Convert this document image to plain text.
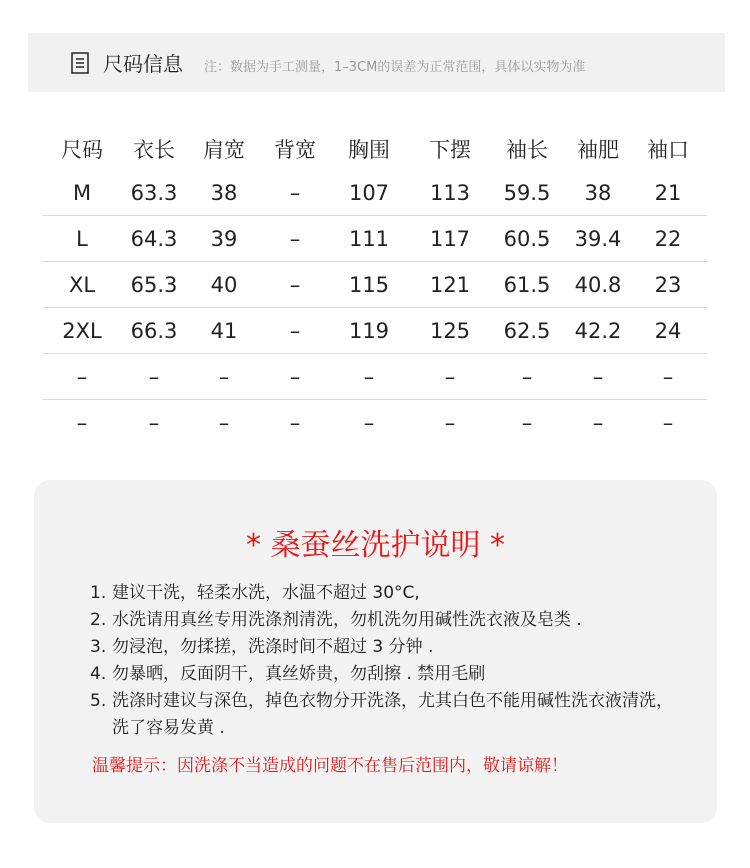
尺码信息 注：数据为手工测量，1–3CM的误差为正常范围，具体以实物为准
尺码	衣长	肩宽	背宽	胸围	下摆	袖长	袖肥	袖口
M	63.3	38	–	107	113	59.5	38	21
L	64.3	39	–	111	117	60.5	39.4	22
XL	65.3	40	–	115	121	61.5	40.8	23
2XL	66.3	41	–	119	125	62.5	42.2	24
–	–	–	–	–	–	–	–	–
–	–	–	–	–	–	–	–	–
* 桑蚕丝洗护说明 *
1. 建议干洗，轻柔水洗，水温不超过 30°C,
2. 水洗请用真丝专用洗涤剂清洗，勿机洗勿用碱性洗衣液及皂类 .
3. 勿浸泡，勿揉搓，洗涤时间不超过 3 分钟 .
4. 勿暴晒，反面阴干，真丝娇贵，勿刮擦 . 禁用毛刷
5. 洗涤时建议与深色，掉色衣物分开洗涤，尤其白色不能用碱性洗衣液清洗，洗了容易发黄 .
温馨提示：因洗涤不当造成的问题不在售后范围内，敬请谅解！
